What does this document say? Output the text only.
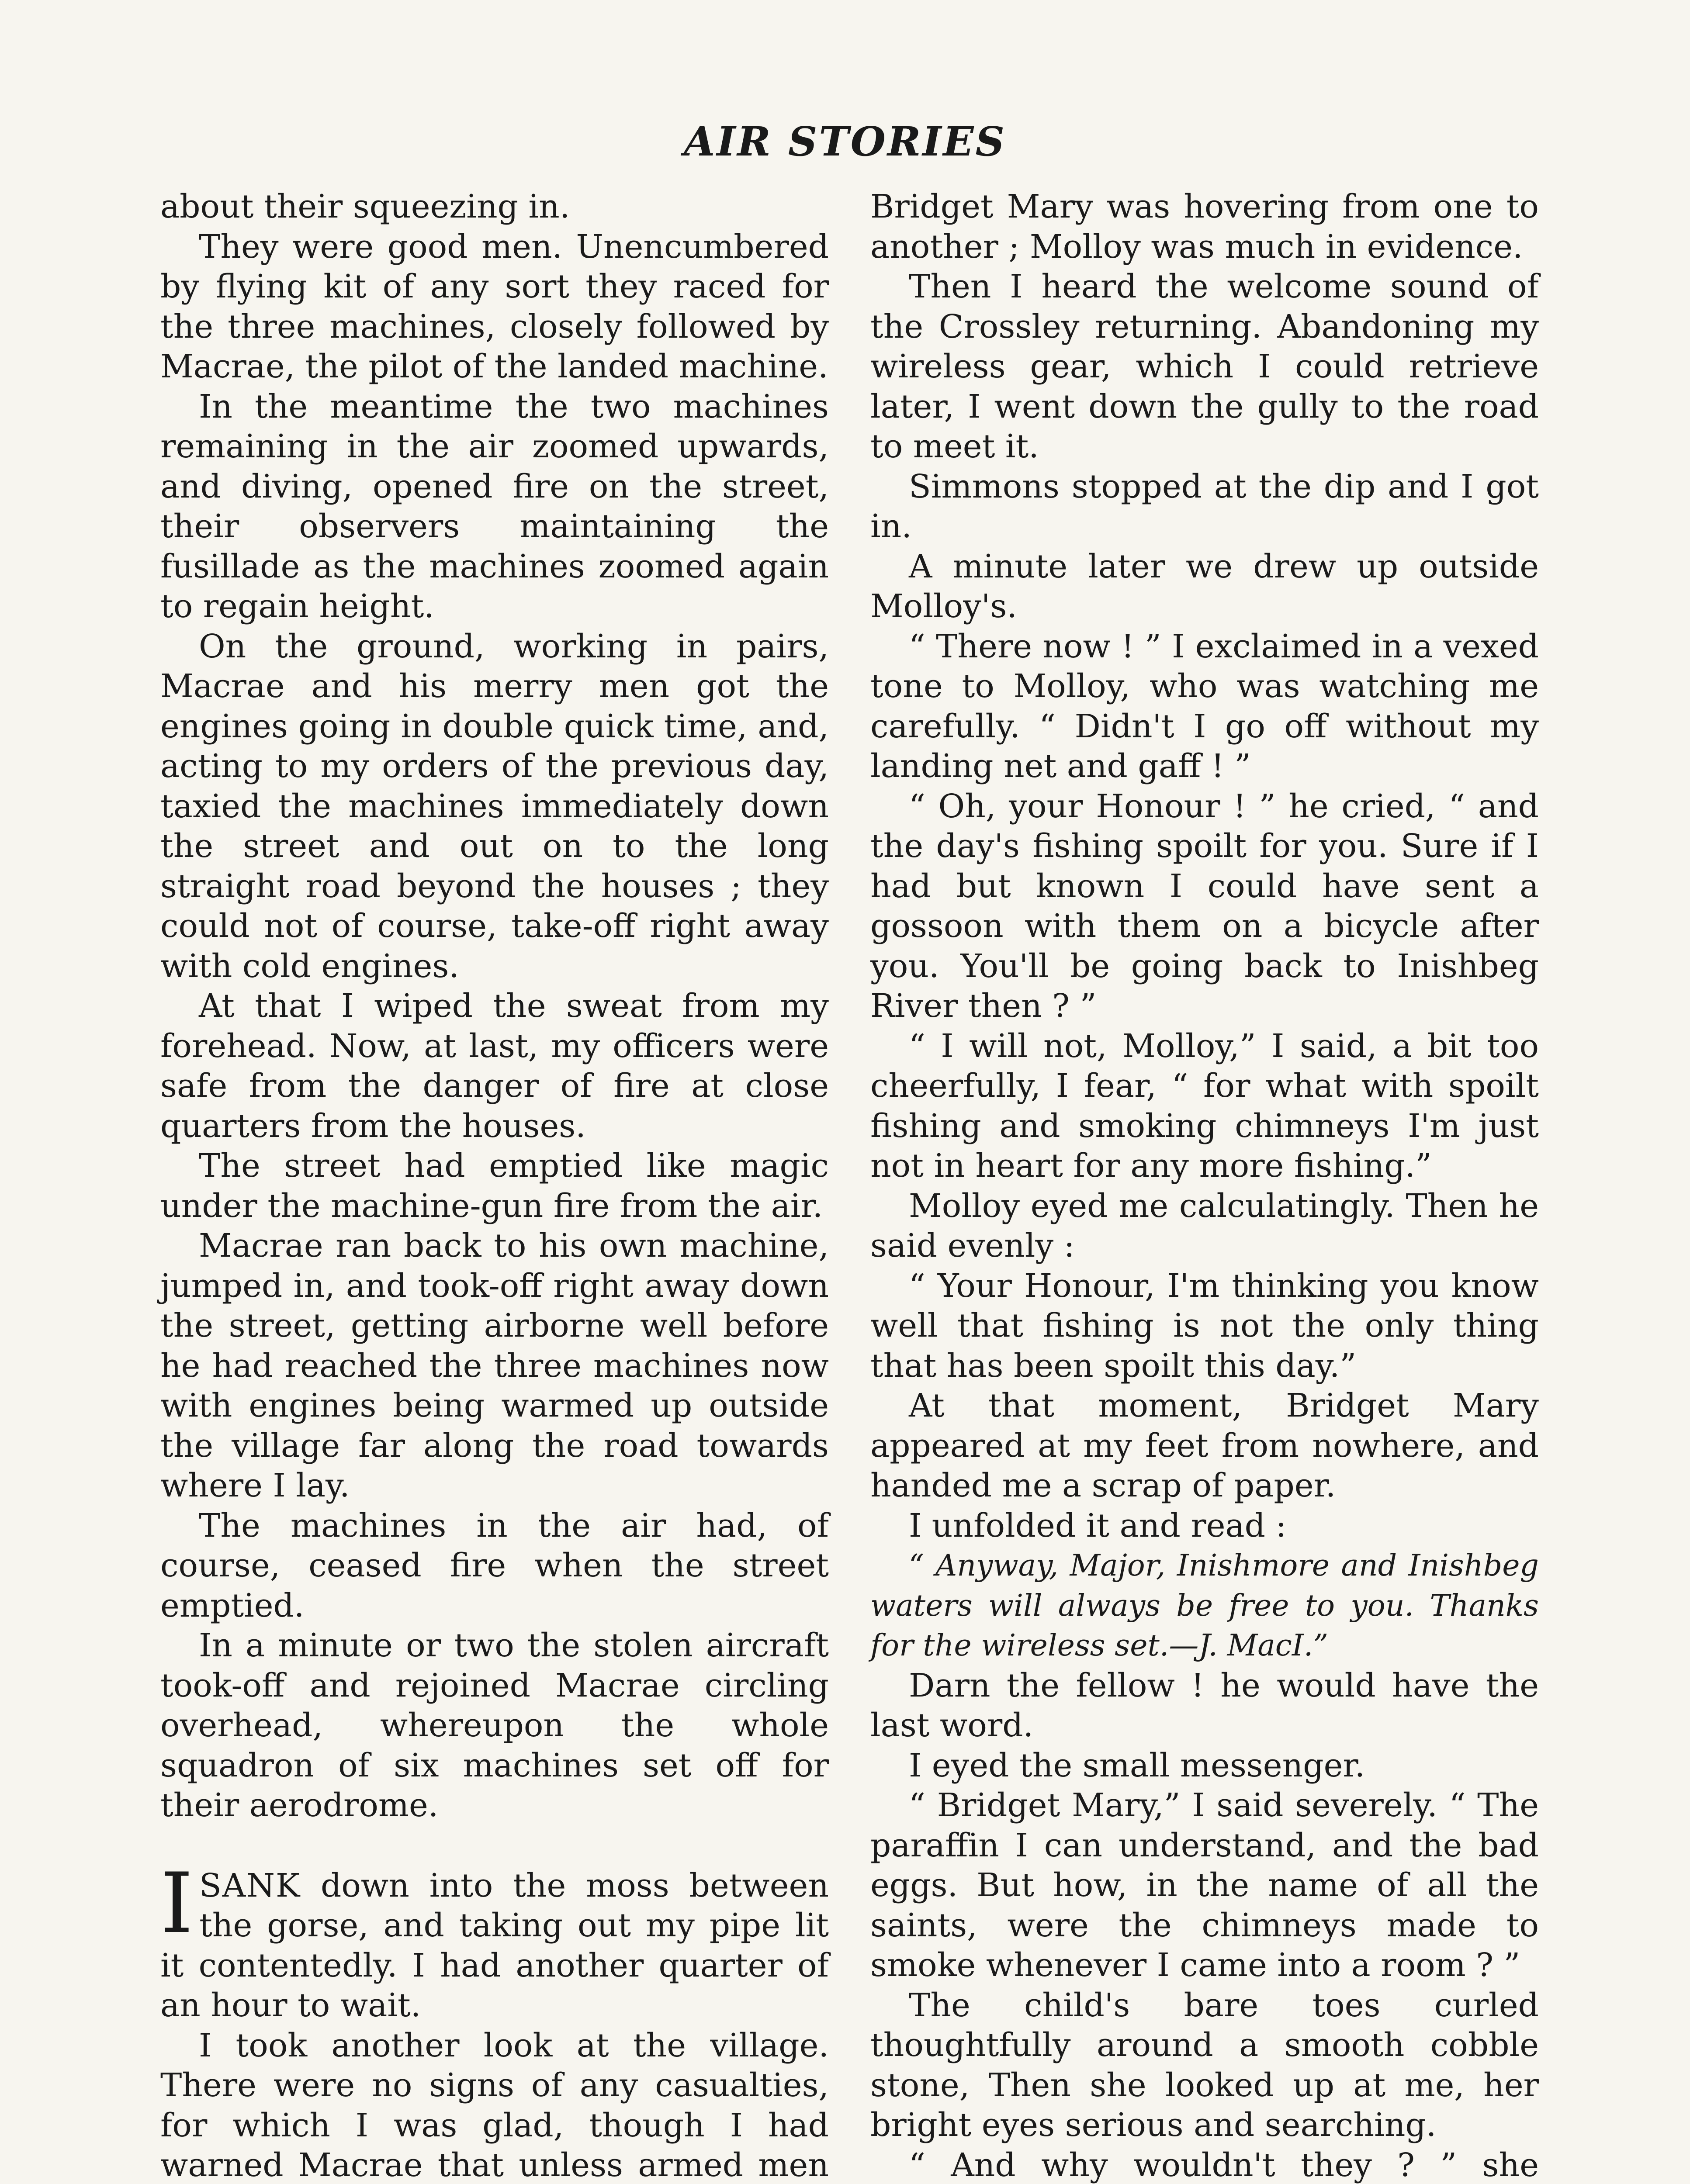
AIR STORIES

about their squeezing in.

They were good men. Unencumbered by flying kit of any sort they raced for the three machines, closely followed by Macrae, the pilot of the landed machine.

In the meantime the two machines remaining in the air zoomed upwards, and diving, opened fire on the street, their observers maintaining the fusillade as the machines zoomed again to regain height.

On the ground, working in pairs, Macrae and his merry men got the engines going in double quick time, and, acting to my orders of the previous day, taxied the machines immediately down the street and out on to the long straight road beyond the houses ; they could not of course, take-off right away with cold engines.

At that I wiped the sweat from my forehead. Now, at last, my officers were safe from the danger of fire at close quarters from the houses.

The street had emptied like magic under the machine-gun fire from the air.

Macrae ran back to his own machine, jumped in, and took-off right away down the street, getting airborne well before he had reached the three machines now with engines being warmed up outside the village far along the road towards where I lay.

The machines in the air had, of course, ceased fire when the street emptied.

In a minute or two the stolen aircraft took-off and rejoined Macrae circling overhead, whereupon the whole squadron of six machines set off for their aerodrome.

ISANK down into the moss between the gorse, and taking out my pipe lit it contentedly. I had another quarter of an hour to wait.

I took another look at the village. There were no signs of any casualties, for which I was glad, though I had warned Macrae that unless armed men

Bridget Mary was hovering from one to another ; Molloy was much in evidence.

Then I heard the welcome sound of the Crossley returning. Abandoning my wireless gear, which I could retrieve later, I went down the gully to the road to meet it.

Simmons stopped at the dip and I got in.

A minute later we drew up outside Molloy's.

“ There now ! ” I exclaimed in a vexed tone to Molloy, who was watching me carefully. “ Didn't I go off without my landing net and gaff ! ”

“ Oh, your Honour ! ” he cried, “ and the day's fishing spoilt for you. Sure if I had but known I could have sent a gossoon with them on a bicycle after you. You'll be going back to Inishbeg River then ? ”

“ I will not, Molloy,” I said, a bit too cheerfully, I fear, “ for what with spoilt fishing and smoking chimneys I'm just not in heart for any more fishing.”

Molloy eyed me calculatingly. Then he said evenly :

“ Your Honour, I'm thinking you know well that fishing is not the only thing that has been spoilt this day.”

At that moment, Bridget Mary appeared at my feet from nowhere, and handed me a scrap of paper.

I unfolded it and read :

“ Anyway, Major, Inishmore and Inishbeg waters will always be free to you. Thanks for the wireless set.—J. MacI.”

Darn the fellow ! he would have the last word.

I eyed the small messenger.

“ Bridget Mary,” I said severely. “ The paraffin I can understand, and the bad eggs. But how, in the name of all the saints, were the chimneys made to smoke whenever I came into a room ? ”

The child's bare toes curled thoughtfully around a smooth cobble stone, Then she looked up at me, her bright eyes serious and searching.

“ And why wouldn't they ? ” she
